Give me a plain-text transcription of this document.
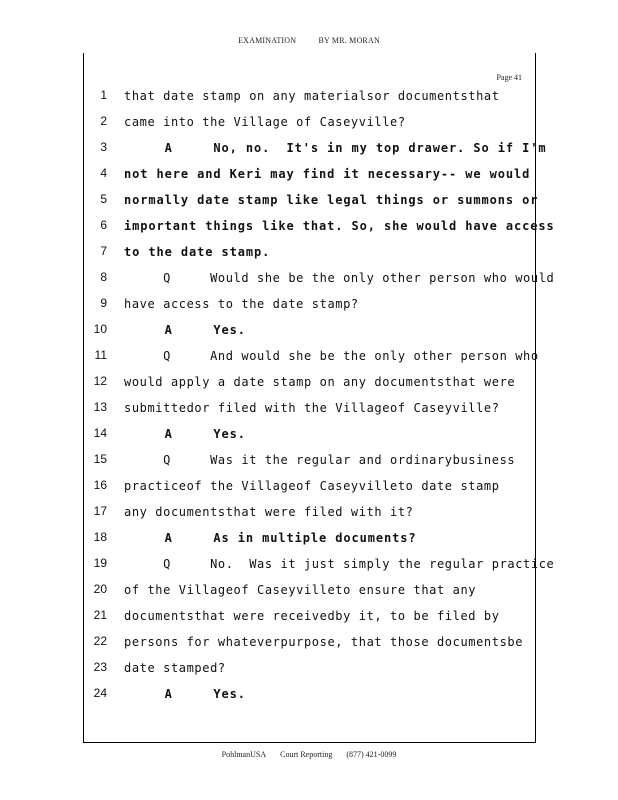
EXAMINATION	BY MR. MORAN
Page 41
1 that date stamp on any materialsor documentsthat
2 came into the Village of Caseyville?
3 A     No, no.  It's in my top drawer. So if I'm
4 not here and Keri may find it necessary-- we would
5 normally date stamp like legal things or summons or
6 important things like that. So, she would have access
7 to the date stamp.
8 Q     Would she be the only other person who would
9 have access to the date stamp?
10 A     Yes.
11 Q     And would she be the only other person who
12 would apply a date stamp on any documentsthat were
13 submittedor filed with the Villageof Caseyville?
14 A     Yes.
15 Q     Was it the regular and ordinarybusiness
16 practiceof the Villageof Caseyvilleto date stamp
17 any documentsthat were filed with it?
18 A     As in multiple documents?
19 Q     No.  Was it just simply the regular practice
20 of the Villageof Caseyvilleto ensure that any
21 documentsthat were receivedby it, to be filed by
22 persons for whateverpurpose, that those documentsbe
23 date stamped?
24 A     Yes.
PohlmanUSA Court Reporting (877) 421-0099
